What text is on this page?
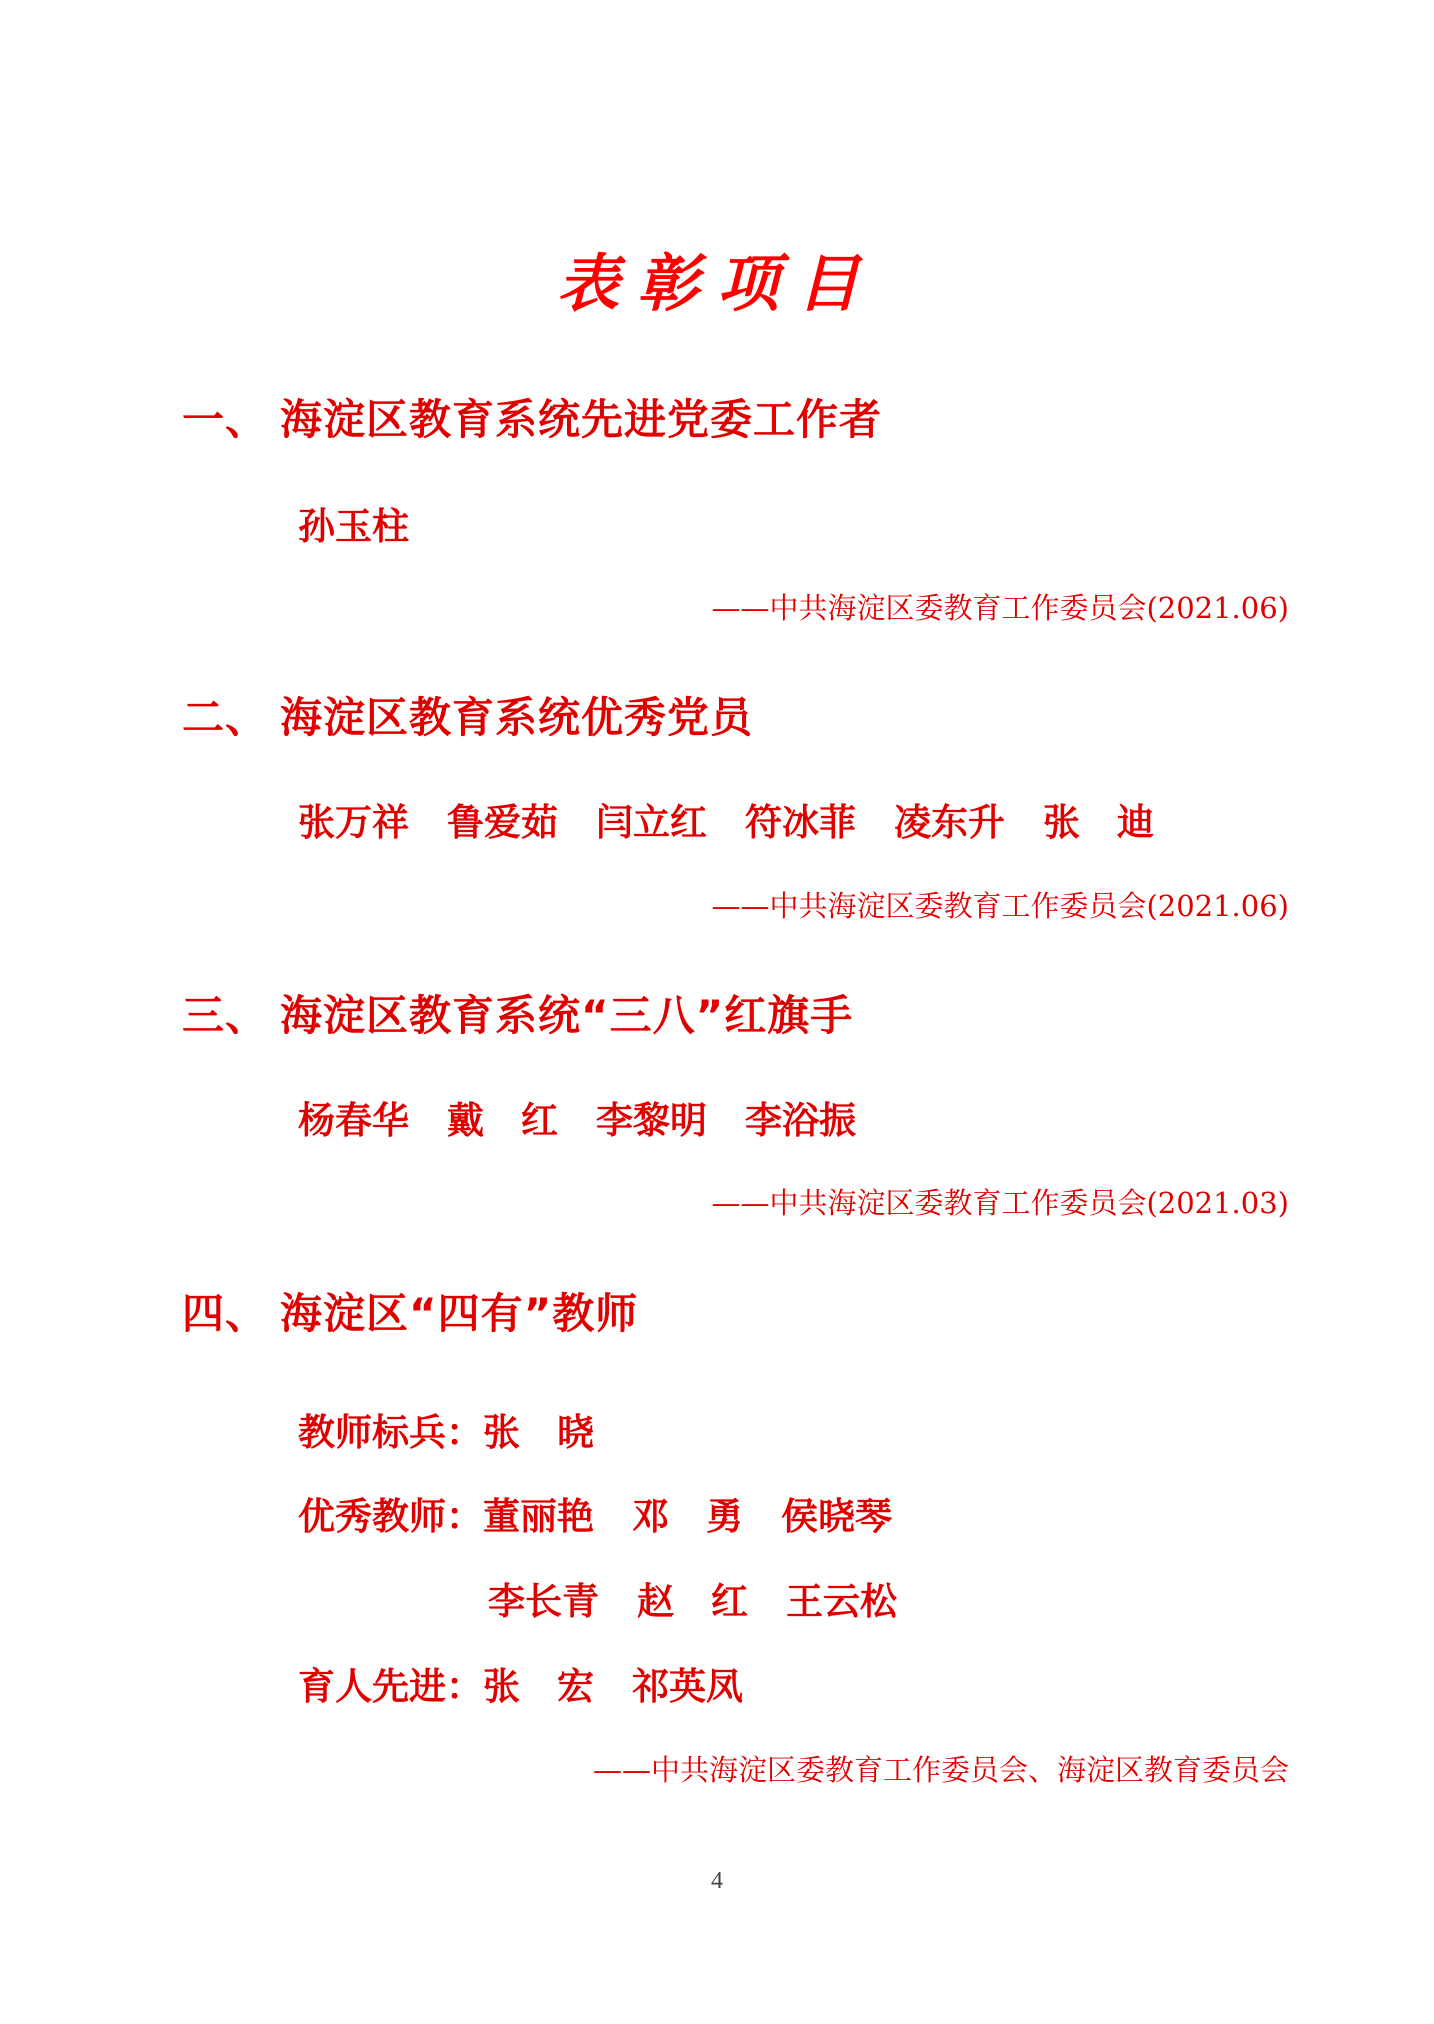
表彰项目
一、 海淀区教育系统先进党委工作者
孙玉柱
——中共海淀区委教育工作委员会(2021.06)
二、 海淀区教育系统优秀党员
张万祥 鲁爱茹 闫立红 符冰菲 凌东升 张　迪
——中共海淀区委教育工作委员会(2021.06)
三、 海淀区教育系统“三八”红旗手
杨春华 戴　红 李黎明 李浴振
——中共海淀区委教育工作委员会(2021.03)
四、 海淀区“四有”教师
教师标兵：张　晓
优秀教师：董丽艳 邓　勇 侯晓琴
李长青 赵　红 王云松
育人先进：张　宏 祁英凤
——中共海淀区委教育工作委员会、海淀区教育委员会
4
